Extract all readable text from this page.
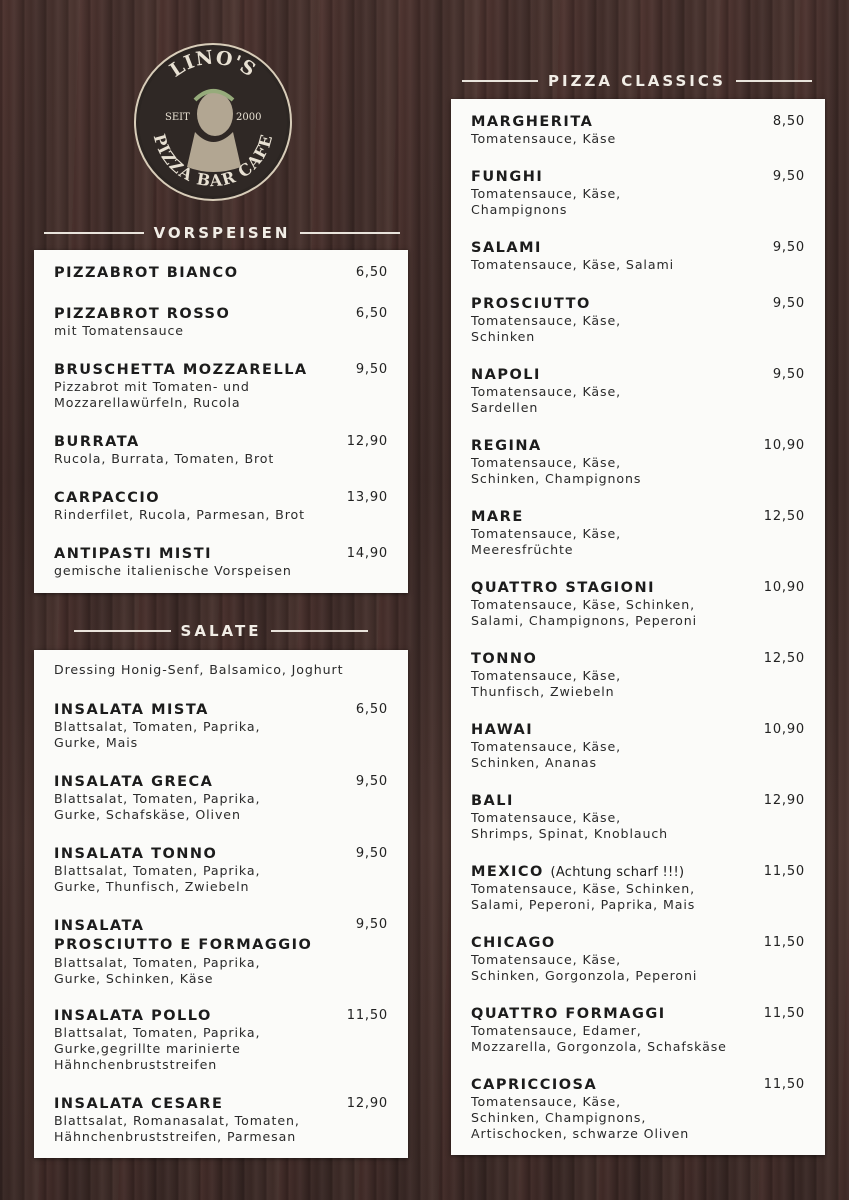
LINO'S
SEIT	2000
PIZZA BAR CAFE
VORSPEISEN
PIZZABROT BIANCO	6,50
PIZZABROT ROSSO
mit Tomatensauce
6,50
BRUSCHETTA MOZZARELLA
Pizzabrot mit Tomaten- und
Mozzarellawürfeln, Rucola
9,50
BURRATA
Rucola, Burrata, Tomaten, Brot
12,90
CARPACCIO
Rinderfilet, Rucola, Parmesan, Brot
13,90
ANTIPASTI MISTI
gemische italienische Vorspeisen
14,90
SALATE
Dressing Honig-Senf, Balsamico, Joghurt
INSALATA MISTA
Blattsalat, Tomaten, Paprika,
Gurke, Mais
6,50
INSALATA GRECA
Blattsalat, Tomaten, Paprika,
Gurke, Schafskäse, Oliven
9,50
INSALATA TONNO
Blattsalat, Tomaten, Paprika,
Gurke, Thunfisch, Zwiebeln
9,50
INSALATA
PROSCIUTTO E FORMAGGIO
Blattsalat, Tomaten, Paprika,
Gurke, Schinken, Käse
9,50
INSALATA POLLO
Blattsalat, Tomaten, Paprika,
Gurke,gegrillte marinierte
Hähnchenbruststreifen
11,50
INSALATA CESARE
Blattsalat, Romanasalat, Tomaten,
Hähnchenbruststreifen, Parmesan
12,90
PIZZA CLASSICS
MARGHERITA
Tomatensauce, Käse
8,50
FUNGHI
Tomatensauce, Käse,
Champignons
9,50
SALAMI
Tomatensauce, Käse, Salami
9,50
PROSCIUTTO
Tomatensauce, Käse,
Schinken
9,50
NAPOLI
Tomatensauce, Käse,
Sardellen
9,50
REGINA
Tomatensauce, Käse,
Schinken, Champignons
10,90
MARE
Tomatensauce, Käse,
Meeresfrüchte
12,50
QUATTRO STAGIONI
Tomatensauce, Käse, Schinken,
Salami, Champignons, Peperoni
10,90
TONNO
Tomatensauce, Käse,
Thunfisch, Zwiebeln
12,50
HAWAI
Tomatensauce, Käse,
Schinken, Ananas
10,90
BALI
Tomatensauce, Käse,
Shrimps, Spinat, Knoblauch
12,90
MEXICO (Achtung scharf !!!)
Tomatensauce, Käse, Schinken,
Salami, Peperoni, Paprika, Mais
11,50
CHICAGO
Tomatensauce, Käse,
Schinken, Gorgonzola, Peperoni
11,50
QUATTRO FORMAGGI
Tomatensauce, Edamer,
Mozzarella, Gorgonzola, Schafskäse
11,50
CAPRICCIOSA
Tomatensauce, Käse,
Schinken, Champignons,
Artischocken, schwarze Oliven
11,50
